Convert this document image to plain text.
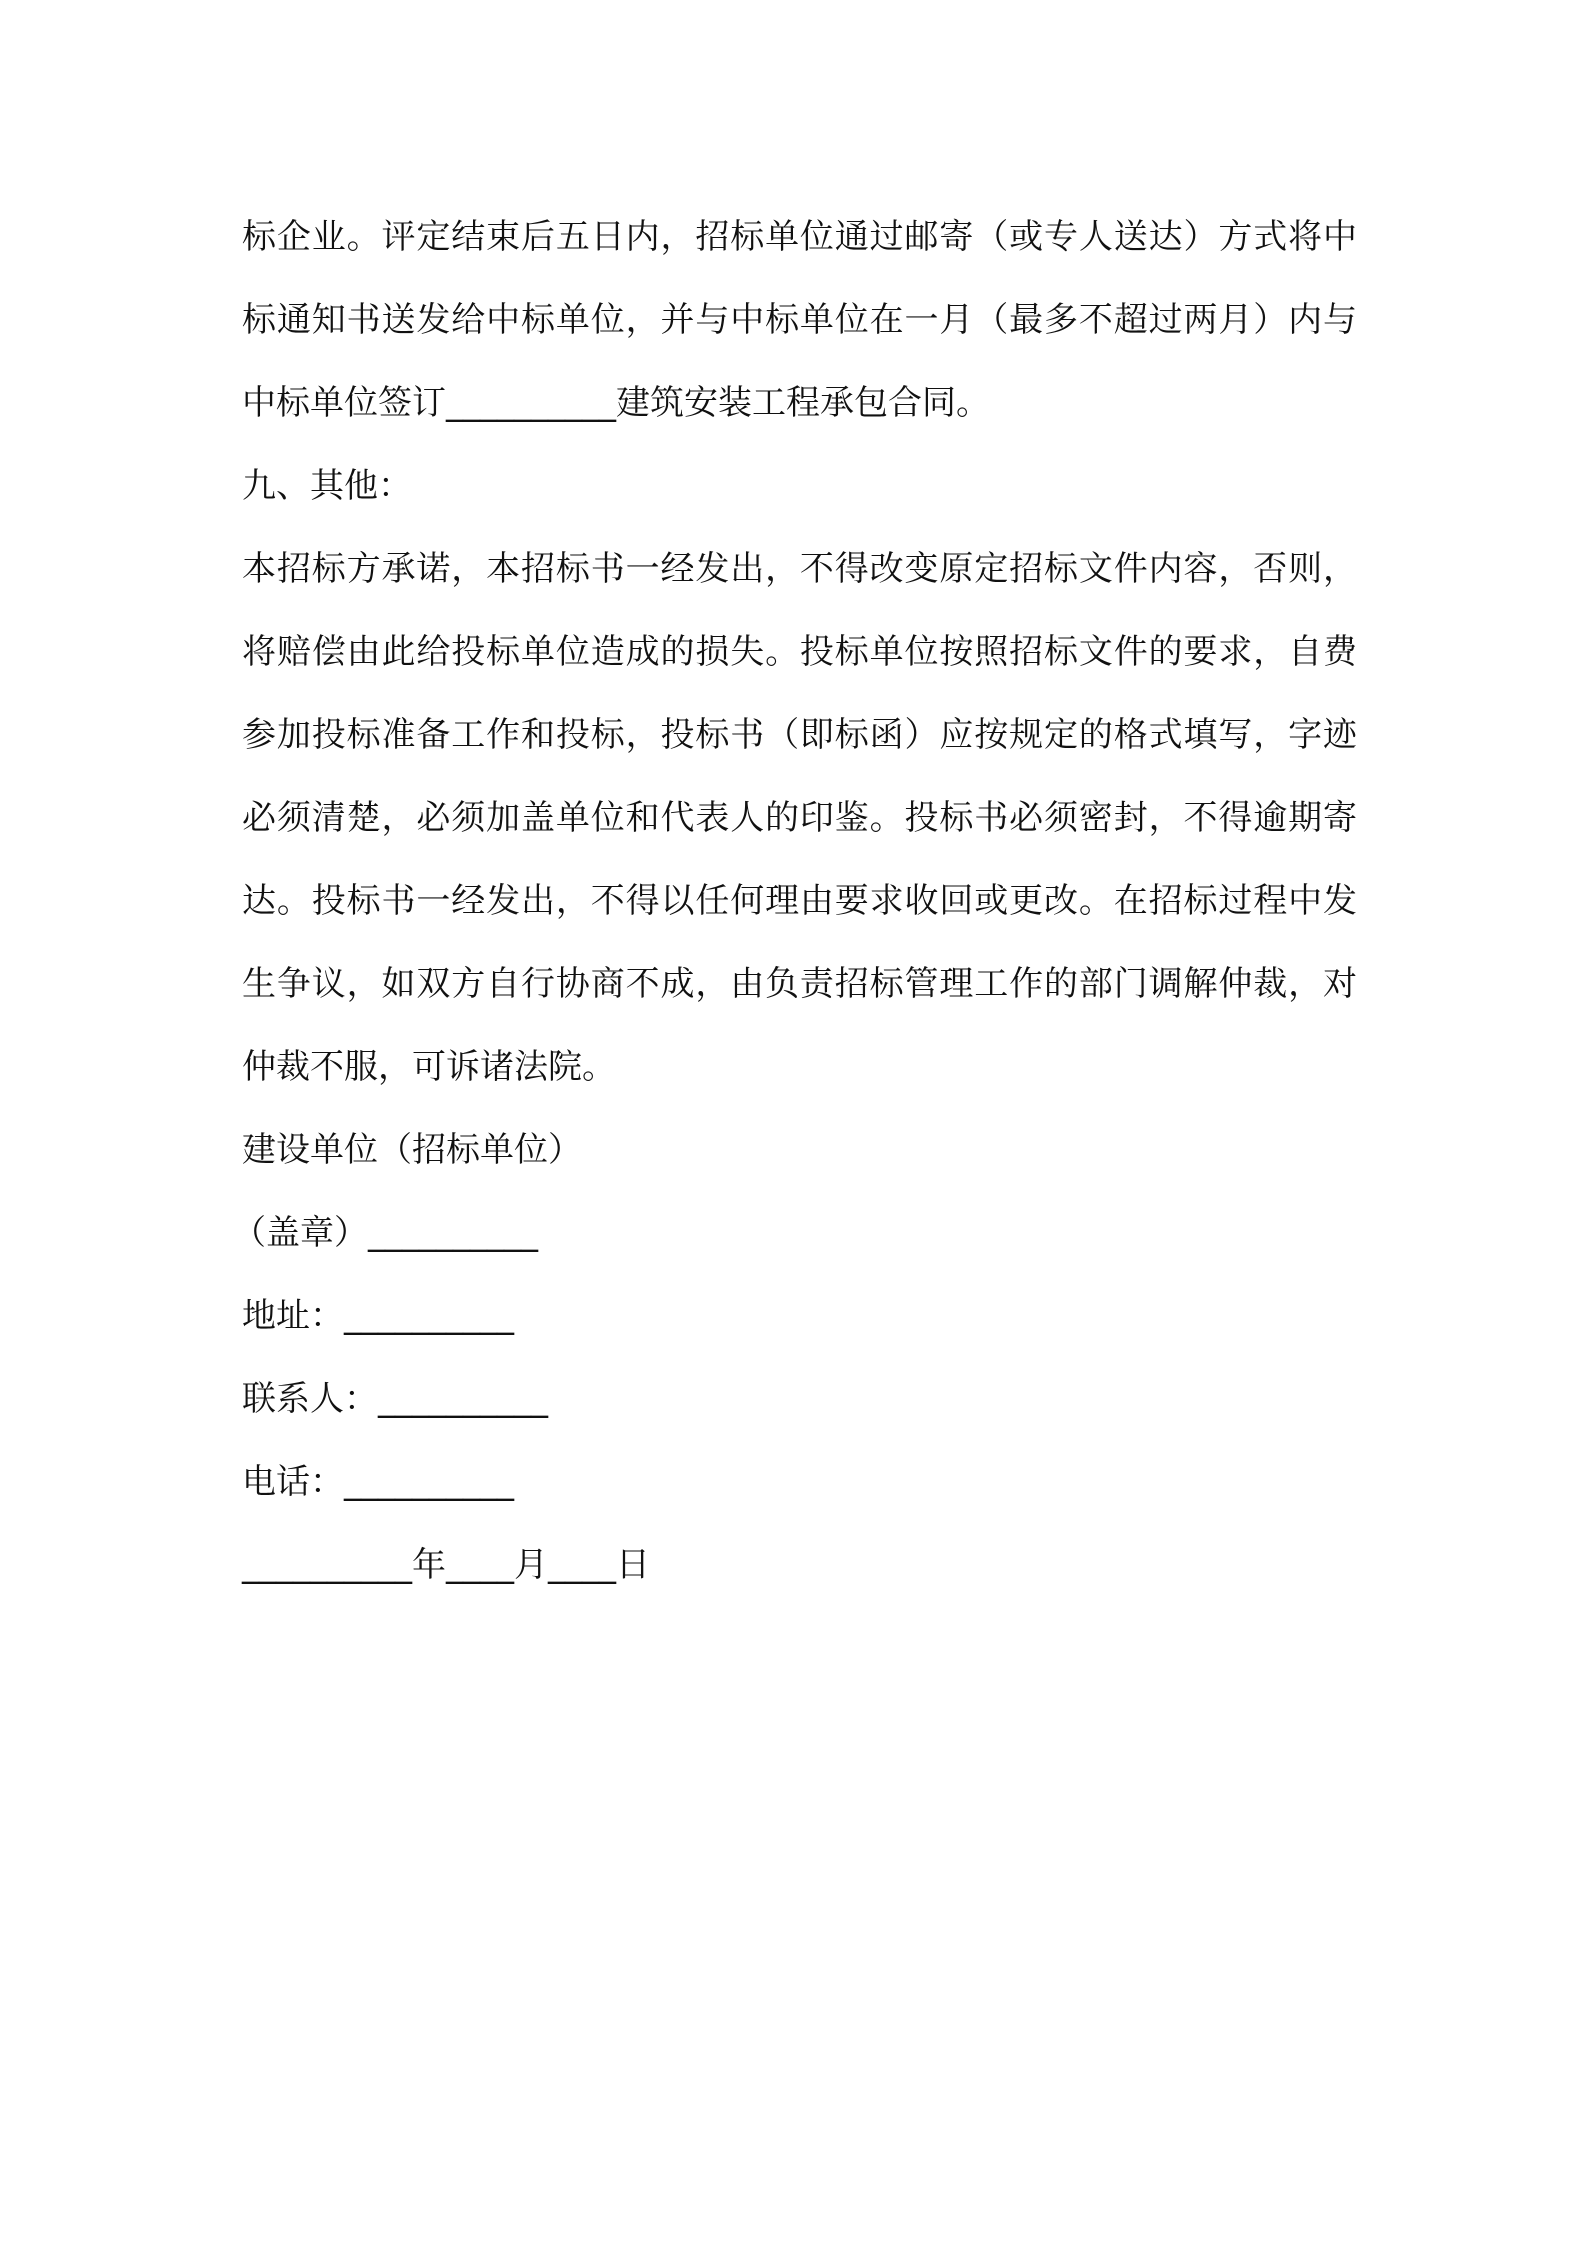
标企业。评定结束后五日内，招标单位通过邮寄（或专人送达）方式将中标通知书送发给中标单位，并与中标单位在一月（最多不超过两月）内与中标单位签订__________建筑安装工程承包合同。

九、其他：

本招标方承诺，本招标书一经发出，不得改变原定招标文件内容，否则，将赔偿由此给投标单位造成的损失。投标单位按照招标文件的要求，自费参加投标准备工作和投标，投标书（即标函）应按规定的格式填写，字迹必须清楚，必须加盖单位和代表人的印鉴。投标书必须密封，不得逾期寄达。投标书一经发出，不得以任何理由要求收回或更改。在招标过程中发生争议，如双方自行协商不成，由负责招标管理工作的部门调解仲裁，对仲裁不服，可诉诸法院。

建设单位（招标单位）

（盖章）__________

地址：__________

联系人：__________

电话：__________

__________年____月____日
